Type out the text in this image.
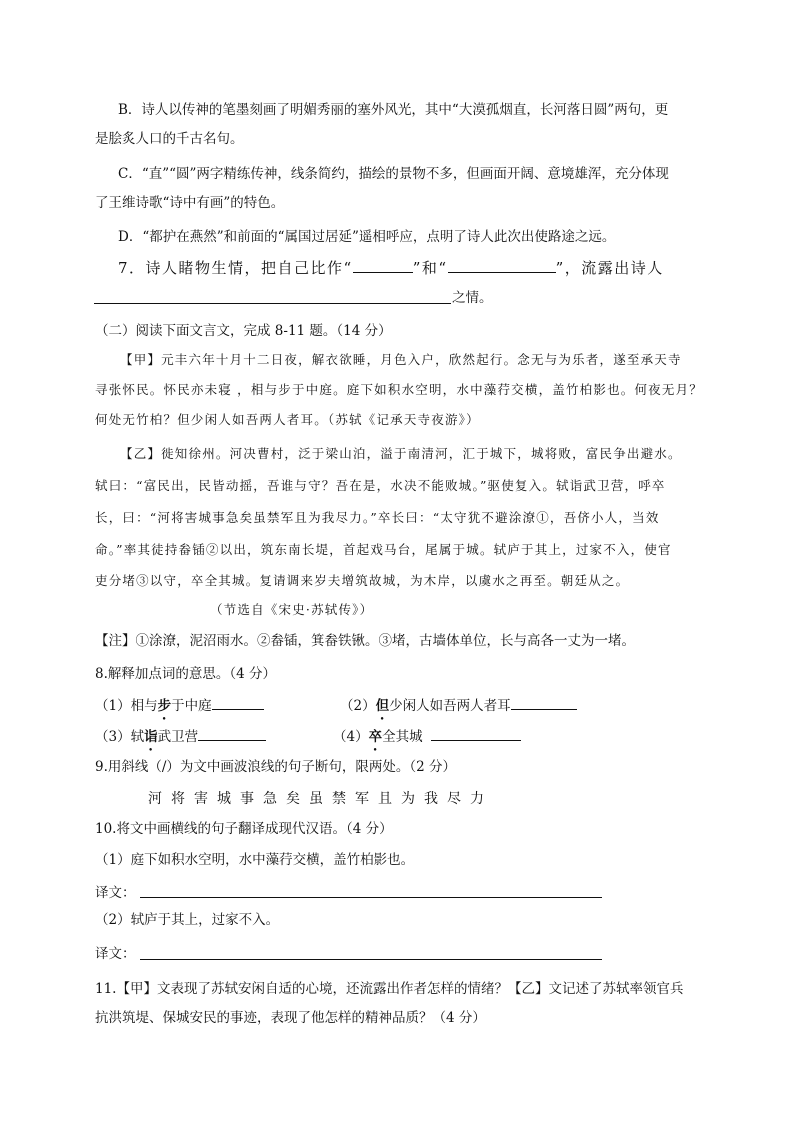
B．诗人以传神的笔墨刻画了明媚秀丽的塞外风光，其中“大漠孤烟直，长河落日圆”两句，更
是脍炙人口的千古名句。
C．“直”“圆”两字精练传神，线条简约，描绘的景物不多，但画面开阔、意境雄浑，充分体现
了王维诗歌“诗中有画”的特色。
D．“都护在燕然”和前面的“属国过居延”遥相呼应，点明了诗人此次出使路途之远。
7．诗人睹物生情，把自己比作“	”和“	”，流露出诗人
之情。
（二）阅读下面文言文，完成 8-11 题。（14 分）
【甲】元丰六年十月十二日夜，解衣欲睡，月色入户，欣然起行。念无与为乐者，遂至承天寺
寻张怀民。怀民亦未寝 ，相与步于中庭。庭下如积水空明，水中藻荇交横，盖竹柏影也。何夜无月？
何处无竹柏？但少闲人如吾两人者耳。（苏轼《记承天寺夜游》）
【乙】徙知徐州。河决曹村，泛于梁山泊，溢于南清河，汇于城下，城将败，富民争出避水。
轼曰：“富民出，民皆动摇，吾谁与守？吾在是，水决不能败城。”驱使复入。轼诣武卫营，呼卒
长，曰：“河将害城事急矣虽禁军且为我尽力。”卒长曰：“太守犹不避涂潦①，吾侪小人，当效
命。”率其徒持畚锸②以出，筑东南长堤，首起戏马台，尾属于城。轼庐于其上，过家不入，使官
吏分堵③以守，卒全其城。复请调来岁夫增筑故城，为木岸，以虞水之再至。朝廷从之。
（节选自《宋史·苏轼传》）
【注】①涂潦，泥沼雨水。②畚锸，箕畚铁锹。③堵，古墙体单位，长与高各一丈为一堵。
8.解释加点词的意思。（4 分）
（1）相与步于中庭	（2）但少闲人如吾两人者耳
（3）轼诣武卫营	（4）卒全其城
9.用斜线（/）为文中画波浪线的句子断句，限两处。（2 分）
河将害城事急矣虽禁军且为我尽力
10.将文中画横线的句子翻译成现代汉语。（4 分）
（1）庭下如积水空明，水中藻荇交横，盖竹柏影也。
译文：
（2）轼庐于其上，过家不入。
译文：
11.【甲】文表现了苏轼安闲自适的心境，还流露出作者怎样的情绪？【乙】文记述了苏轼率领官兵
抗洪筑堤、保城安民的事迹，表现了他怎样的精神品质？（4 分）
